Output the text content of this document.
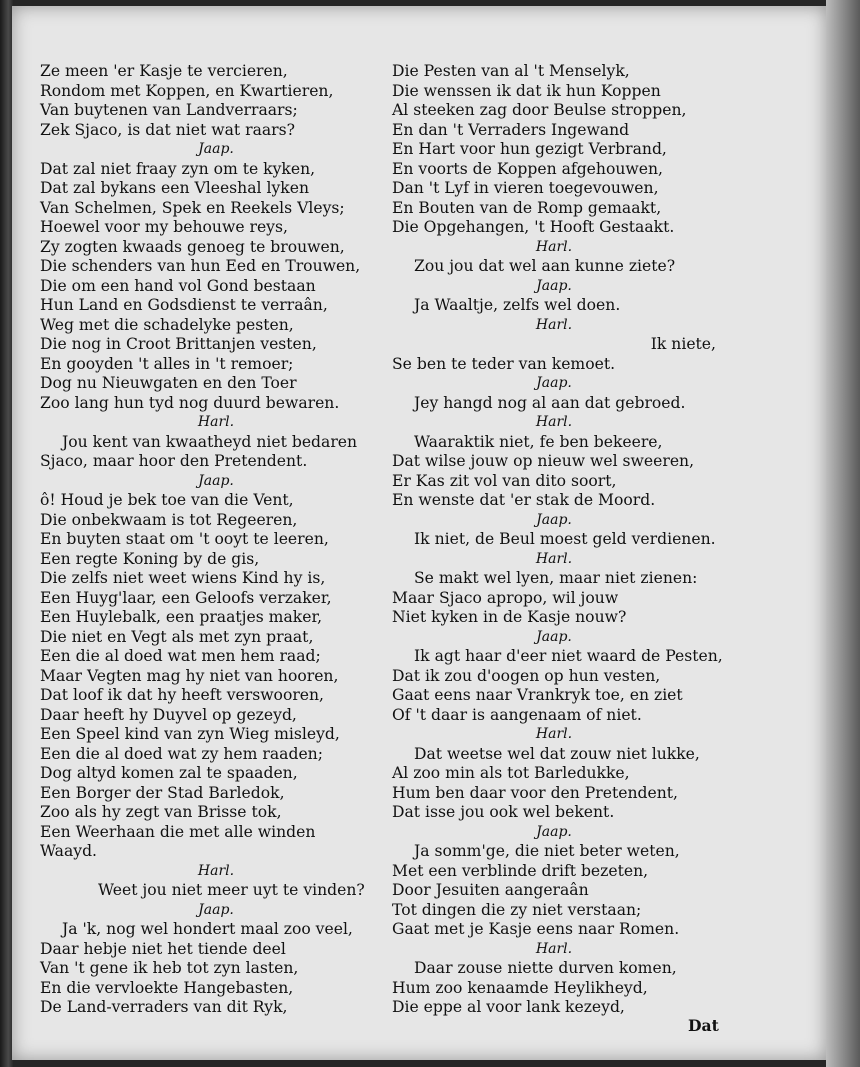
Ze meen 'er Kasje te vercieren,
Rondom met Koppen, en Kwartieren,
Van buytenen van Landverraars;
Zek Sjaco, is dat niet wat raars?
Jaap.
Dat zal niet fraay zyn om te kyken,
Dat zal bykans een Vleeshal lyken
Van Schelmen, Spek en Reekels Vleys;
Hoewel voor my behouwe reys,
Zy zogten kwaads genoeg te brouwen,
Die schenders van hun Eed en Trouwen,
Die om een hand vol Gond bestaan
Hun Land en Godsdienst te verraân,
Weg met die schadelyke pesten,
Die nog in Croot Brittanjen vesten,
En gooyden 't alles in 't remoer;
Dog nu Nieuwgaten en den Toer
Zoo lang hun tyd nog duurd bewaren.
Harl.
Jou kent van kwaatheyd niet bedaren
Sjaco, maar hoor den Pretendent.
Jaap.
ô! Houd je bek toe van die Vent,
Die onbekwaam is tot Regeeren,
En buyten staat om 't ooyt te leeren,
Een regte Koning by de gis,
Die zelfs niet weet wiens Kind hy is,
Een Huyg'laar, een Geloofs verzaker,
Een Huylebalk, een praatjes maker,
Die niet en Vegt als met zyn praat,
Een die al doed wat men hem raad;
Maar Vegten mag hy niet van hooren,
Dat loof ik dat hy heeft verswooren,
Daar heeft hy Duyvel op gezeyd,
Een Speel kind van zyn Wieg misleyd,
Een die al doed wat zy hem raaden;
Dog altyd komen zal te spaaden,
Een Borger der Stad Barledok,
Zoo als hy zegt van Brisse tok,
Een Weerhaan die met alle winden
Waayd.
Harl.
Weet jou niet meer uyt te vinden?
Jaap.
Ja 'k, nog wel hondert maal zoo veel,
Daar hebje niet het tiende deel
Van 't gene ik heb tot zyn lasten,
En die vervloekte Hangebasten,
De Land-verraders van dit Ryk,
Die Pesten van al 't Menselyk,
Die wenssen ik dat ik hun Koppen
Al steeken zag door Beulse stroppen,
En dan 't Verraders Ingewand
En Hart voor hun gezigt Verbrand,
En voorts de Koppen afgehouwen,
Dan 't Lyf in vieren toegevouwen,
En Bouten van de Romp gemaakt,
Die Opgehangen, 't Hooft Gestaakt.
Harl.
Zou jou dat wel aan kunne ziete?
Jaap.
Ja Waaltje, zelfs wel doen.
Harl.
Ik niete,
Se ben te teder van kemoet.
Jaap.
Jey hangd nog al aan dat gebroed.
Harl.
Waaraktik niet, fe ben bekeere,
Dat wilse jouw op nieuw wel sweeren,
Er Kas zit vol van dito soort,
En wenste dat 'er stak de Moord.
Jaap.
Ik niet, de Beul moest geld verdienen.
Harl.
Se makt wel lyen, maar niet zienen:
Maar Sjaco apropo, wil jouw
Niet kyken in de Kasje nouw?
Jaap.
Ik agt haar d'eer niet waard de Pesten,
Dat ik zou d'oogen op hun vesten,
Gaat eens naar Vrankryk toe, en ziet
Of 't daar is aangenaam of niet.
Harl.
Dat weetse wel dat zouw niet lukke,
Al zoo min als tot Barledukke,
Hum ben daar voor den Pretendent,
Dat isse jou ook wel bekent.
Jaap.
Ja somm'ge, die niet beter weten,
Met een verblinde drift bezeten,
Door Jesuiten aangeraân
Tot dingen die zy niet verstaan;
Gaat met je Kasje eens naar Romen.
Harl.
Daar zouse niette durven komen,
Hum zoo kenaamde Heylikheyd,
Die eppe al voor lank kezeyd,
Dat
